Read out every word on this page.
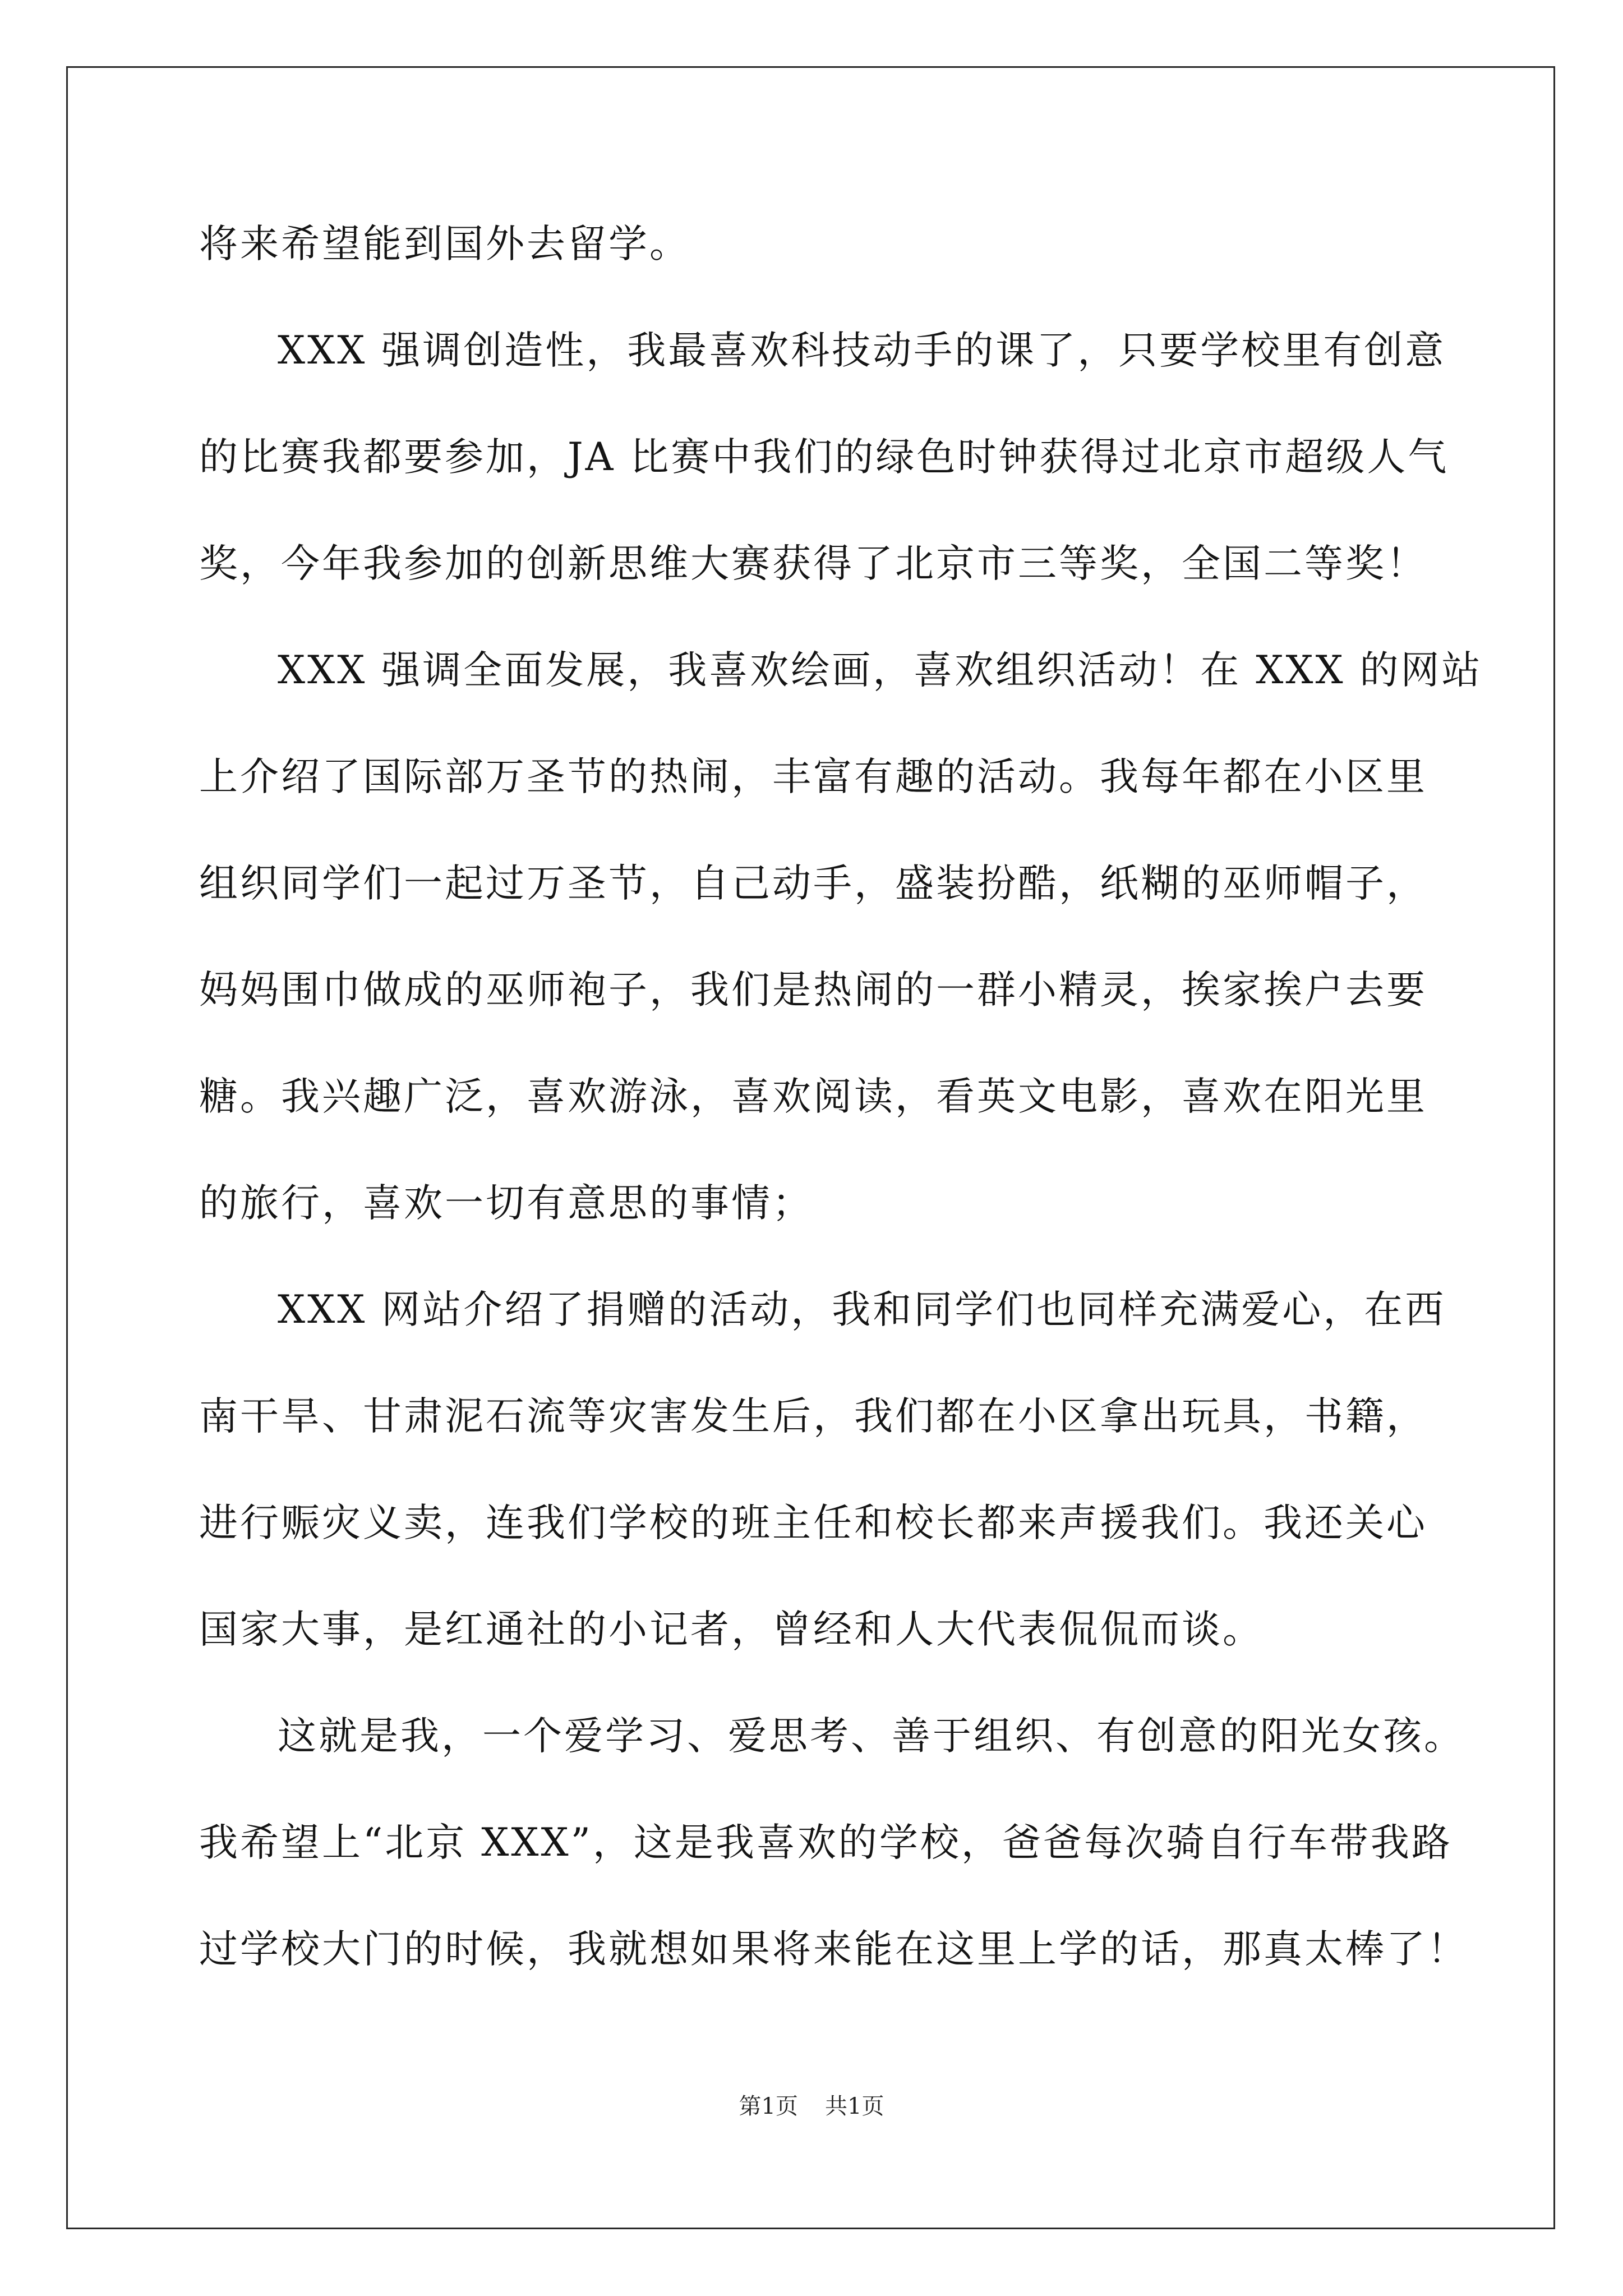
将来希望能到国外去留学。
XXX 强调创造性，我最喜欢科技动手的课了，只要学校里有创意
的比赛我都要参加，JA 比赛中我们的绿色时钟获得过北京市超级人气
奖，今年我参加的创新思维大赛获得了北京市三等奖，全国二等奖！
XXX 强调全面发展，我喜欢绘画，喜欢组织活动！在 XXX 的网站
上介绍了国际部万圣节的热闹，丰富有趣的活动。我每年都在小区里
组织同学们一起过万圣节，自己动手，盛装扮酷，纸糊的巫师帽子，
妈妈围巾做成的巫师袍子，我们是热闹的一群小精灵，挨家挨户去要
糖。我兴趣广泛，喜欢游泳，喜欢阅读，看英文电影，喜欢在阳光里
的旅行，喜欢一切有意思的事情；
XXX 网站介绍了捐赠的活动，我和同学们也同样充满爱心，在西
南干旱、甘肃泥石流等灾害发生后，我们都在小区拿出玩具，书籍，
进行赈灾义卖，连我们学校的班主任和校长都来声援我们。我还关心
国家大事，是红通社的小记者，曾经和人大代表侃侃而谈。
这就是我，一个爱学习、爱思考、善于组织、有创意的阳光女孩。
我希望上“北京 XXX”，这是我喜欢的学校，爸爸每次骑自行车带我路
过学校大门的时候，我就想如果将来能在这里上学的话，那真太棒了！
第1页 共1页
